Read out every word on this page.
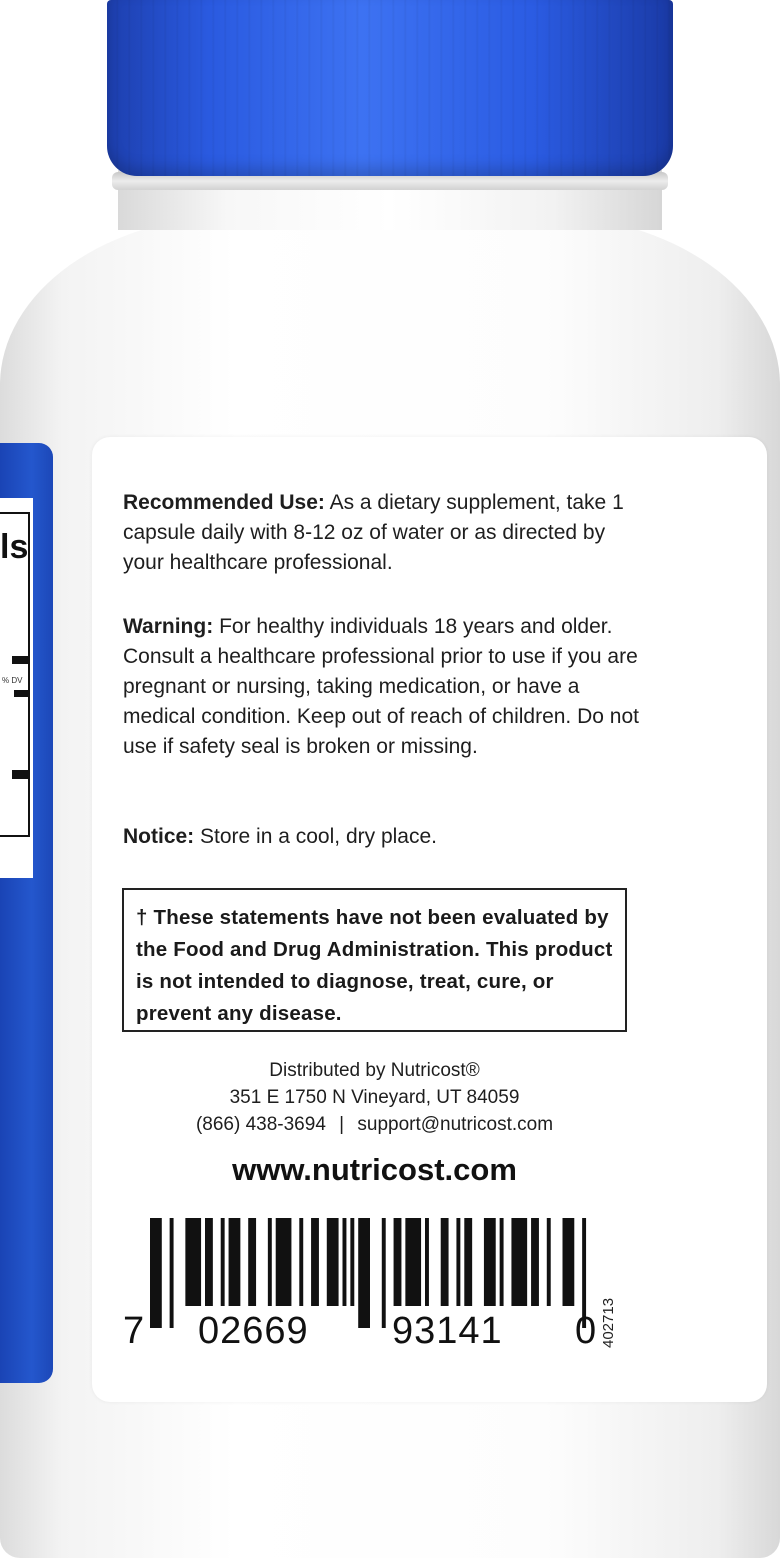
ls
% DV
Recommended Use: As a dietary supplement, take 1 capsule daily with 8-12 oz of water or as directed by your healthcare professional.
Warning: For healthy individuals 18 years and older. Consult a healthcare professional prior to use if you are pregnant or nursing, taking medication, or have a medical condition. Keep out of reach of children. Do not use if safety seal is broken or missing.
Notice: Store in a cool, dry place.
† These statements have not been evaluated by the Food and Drug Administration. This product is not intended to diagnose, treat, cure, or prevent any disease.
Distributed by Nutricost®
351 E 1750 N Vineyard, UT 84059
(866) 438-3694 | support@nutricost.com
www.nutricost.com
7 02669 93141 0 402713
